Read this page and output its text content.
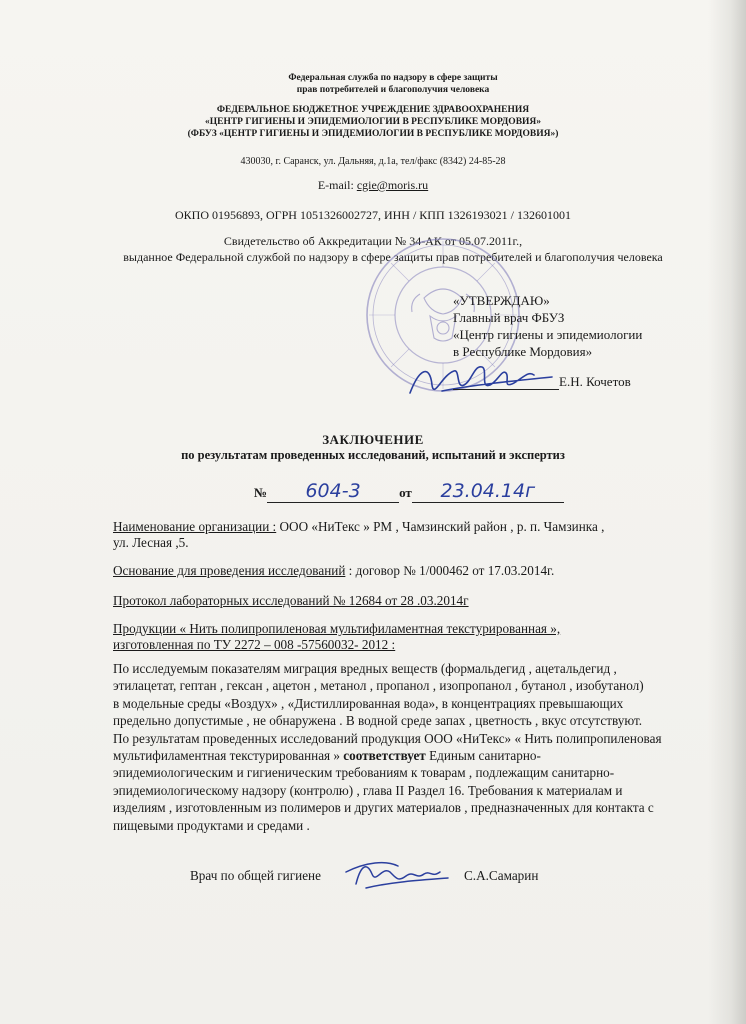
Федеральная служба по надзору в сфере защиты
прав потребителей и благополучия человека
ФЕДЕРАЛЬНОЕ БЮДЖЕТНОЕ УЧРЕЖДЕНИЕ ЗДРАВООХРАНЕНИЯ
«ЦЕНТР ГИГИЕНЫ И ЭПИДЕМИОЛОГИИ В РЕСПУБЛИКЕ МОРДОВИЯ»
(ФБУЗ «ЦЕНТР ГИГИЕНЫ И ЭПИДЕМИОЛОГИИ В РЕСПУБЛИКЕ МОРДОВИЯ»)
430030, г. Саранск, ул. Дальняя, д.1а, тел/факс (8342) 24-85-28
E-mail: cgie@moris.ru
ОКПО 01956893, ОГРН 1051326002727, ИНН / КПП 1326193021 / 132601001
Свидетельство об Аккредитации № 34-АК от 05.07.2011г.,
выданное Федеральной службой по надзору в сфере защиты прав потребителей и благополучия человека
«УТВЕРЖДАЮ»
Главный врач ФБУЗ
«Центр гигиены и эпидемиологии
в Республике Мордовия»
Е.Н. Кочетов
ЗАКЛЮЧЕНИЕ
по результатам проведенных исследований, испытаний и экспертиз
№ 604-3	от 23.04.14г
Наименование организации : ООО «НиТекс » РМ , Чамзинский район , р. п. Чамзинка ,
ул. Лесная ,5.
Основание для проведения исследований : договор № 1/000462 от 17.03.2014г.
Протокол лабораторных исследований № 12684 от 28 .03.2014г
Продукции « Нить полипропиленовая мультифиламентная текстурированная »,
изготовленная по ТУ 2272 – 008 -57560032- 2012 :
По исследуемым показателям миграция вредных веществ (формальдегид , ацетальдегид ,
этилацетат, гептан , гексан , ацетон , метанол , пропанол , изопропанол , бутанол , изобутанол)
в модельные среды «Воздух» , «Дистиллированная вода», в концентрациях превышающих
предельно допустимые , не обнаружена . В водной среде запах , цветность , вкус отсутствуют.
По результатам проведенных исследований продукция ООО «НиТекс» « Нить полипропиленовая
мультифиламентная текстурированная » соответствует Единым санитарно-
эпидемиологическим и гигиеническим требованиям к товарам , подлежащим санитарно-
эпидемиологическому надзору (контролю) , глава II Раздел 16. Требования к материалам и
изделиям , изготовленным из полимеров и других материалов , предназначенных для контакта с
пищевыми продуктами и средами .
Врач по общей гигиене	С.А.Самарин
